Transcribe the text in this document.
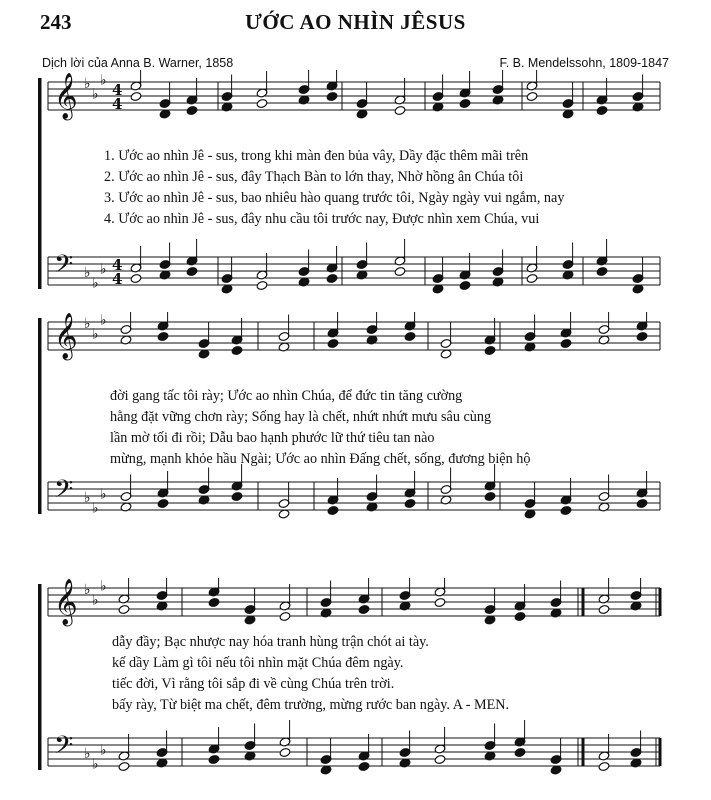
243	ƯỚC AO NHÌN JÊSUS
Dịch lời của Anna B. Warner, 1858	F. B. Mendelssohn, 1809-1847
𝄞
𝄢
♭
♭
♭
♭
♭
♭
4
4
4
4
1. Ước ao nhìn Jê - sus, trong khi màn đen bủa vây, Dầy đặc thêm mãi trên
2. Ước ao nhìn Jê - sus, đây Thạch Bàn to lớn thay, Nhờ hồng ân Chúa tôi
3. Ước ao nhìn Jê - sus, bao nhiêu hào quang trước tôi, Ngày ngày vui ngắm, nay
4. Ước ao nhìn Jê - sus, đây nhu cầu tôi trước nay, Được nhìn xem Chúa, vui
𝄞
𝄢
♭
♭
♭
♭
♭
♭
đời gang tấc tôi rày; Ước ao nhìn Chúa, để đức tin tăng cường
hằng đặt vững chơn rày; Sống hay là chết, nhứt nhứt mưu sâu cùng
lần mờ tối đi rồi; Dẫu bao hạnh phước lữ thứ tiêu tan nào
mừng, mạnh khỏe hầu Ngài; Ước ao nhìn Đấng chết, sống, đương biện hộ
𝄞
𝄢
♭
♭
♭
♭
♭
♭
dẫy đầy; Bạc nhược nay hóa tranh hùng trận chót ai tày.
kế dầy Làm gì tôi nếu tôi nhìn mặt Chúa đêm ngày.
tiếc đời, Vì rằng tôi sắp đi về cùng Chúa trên trời.
bấy rày, Từ biệt ma chết, đêm trường, mừng rước ban ngày. A - MEN.
